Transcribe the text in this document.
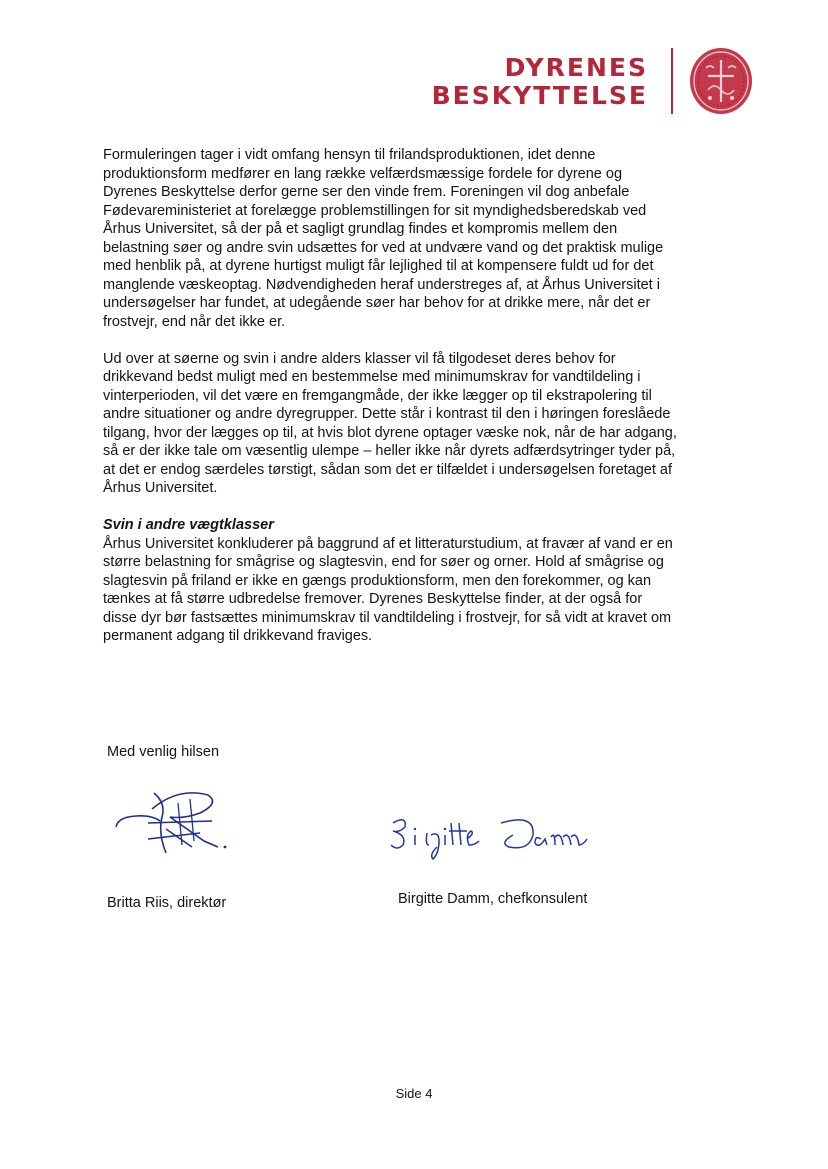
DYRENES
BESKYTTELSE

Formuleringen tager i vidt omfang hensyn til frilandsproduktionen, idet denne produktionsform medfører en lang række velfærdsmæssige fordele for dyrene og Dyrenes Beskyttelse derfor gerne ser den vinde frem. Foreningen vil dog anbefale Fødevareministeriet at forelægge problemstillingen for sit myndighedsberedskab ved Århus Universitet, så der på et sagligt grundlag findes et kompromis mellem den belastning søer og andre svin udsættes for ved at undvære vand og det praktisk mulige med henblik på, at dyrene hurtigst muligt får lejlighed til at kompensere fuldt ud for det manglende væskeoptag. Nødvendigheden heraf understreges af, at Århus Universitet i undersøgelser har fundet, at udegående søer har behov for at drikke mere, når det er frostvejr, end når det ikke er.

Ud over at søerne og svin i andre alders klasser vil få tilgodeset deres behov for drikkevand bedst muligt med en bestemmelse med minimumskrav for vandtildeling i vinterperioden, vil det være en fremgangmåde, der ikke lægger op til ekstrapolering til andre situationer og andre dyregrupper. Dette står i kontrast til den i høringen foreslåede tilgang, hvor der lægges op til, at hvis blot dyrene optager væske nok, når de har adgang, så er der ikke tale om væsentlig ulempe – heller ikke når dyrets adfærdsytringer tyder på, at det er endog særdeles tørstigt, sådan som det er tilfældet i undersøgelsen foretaget af Århus Universitet.

Svin i andre vægtklasser
Århus Universitet konkluderer på baggrund af et litteraturstudium, at fravær af vand er en større belastning for smågrise og slagtesvin, end for søer og orner. Hold af smågrise og slagtesvin på friland er ikke en gængs produktionsform, men den forekommer, og kan tænkes at få større udbredelse fremover. Dyrenes Beskyttelse finder, at der også for disse dyr bør fastsættes minimumskrav til vandtildeling i frostvejr, for så vidt at kravet om permanent adgang til drikkevand fraviges.

Med venlig hilsen
Britta Riis, direktør	Birgitte Damm, chefkonsulent
Side 4
